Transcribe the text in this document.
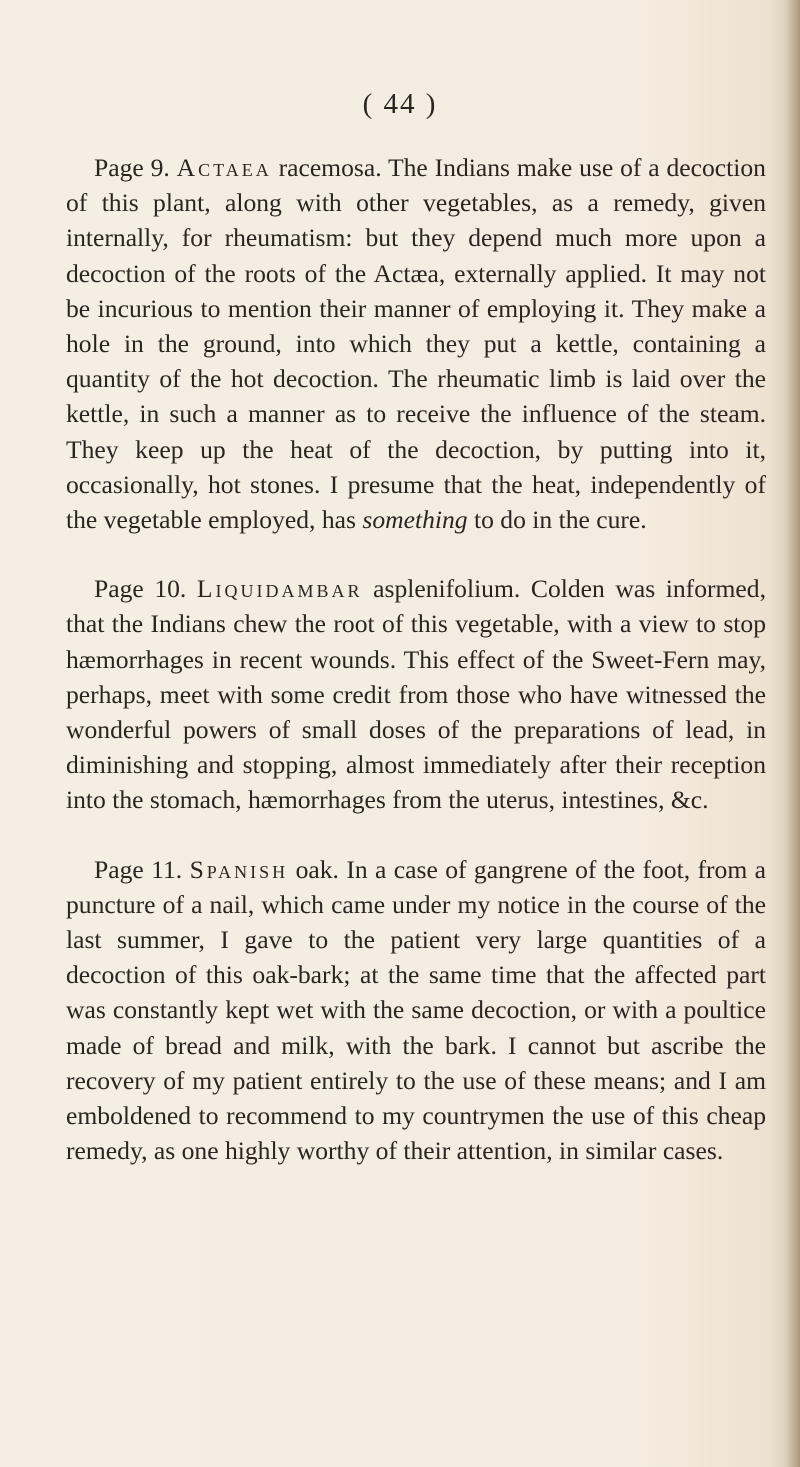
( 44 )

Page 9. Actaea racemosa. The Indians make use of a decoction of this plant, along with other vegetables, as a remedy, given internally, for rheumatism: but they depend much more upon a decoction of the roots of the Actæa, externally applied. It may not be incurious to mention their manner of employing it. They make a hole in the ground, into which they put a kettle, containing a quantity of the hot decoction. The rheumatic limb is laid over the kettle, in such a manner as to receive the influence of the steam. They keep up the heat of the decoction, by putting into it, occasionally, hot stones. I presume that the heat, independently of the vegetable employed, has something to do in the cure.

Page 10. Liquidambar asplenifolium. Colden was informed, that the Indians chew the root of this vegetable, with a view to stop hæmorrhages in recent wounds. This effect of the Sweet-Fern may, perhaps, meet with some credit from those who have witnessed the wonderful powers of small doses of the preparations of lead, in diminishing and stopping, almost immediately after their reception into the stomach, hæmorrhages from the uterus, intestines, &c.

Page 11. Spanish oak. In a case of gangrene of the foot, from a puncture of a nail, which came under my notice in the course of the last summer, I gave to the patient very large quantities of a decoction of this oak-bark; at the same time that the affected part was constantly kept wet with the same decoction, or with a poultice made of bread and milk, with the bark. I cannot but ascribe the recovery of my patient entirely to the use of these means; and I am emboldened to recommend to my countrymen the use of this cheap remedy, as one highly worthy of their attention, in similar cases.
